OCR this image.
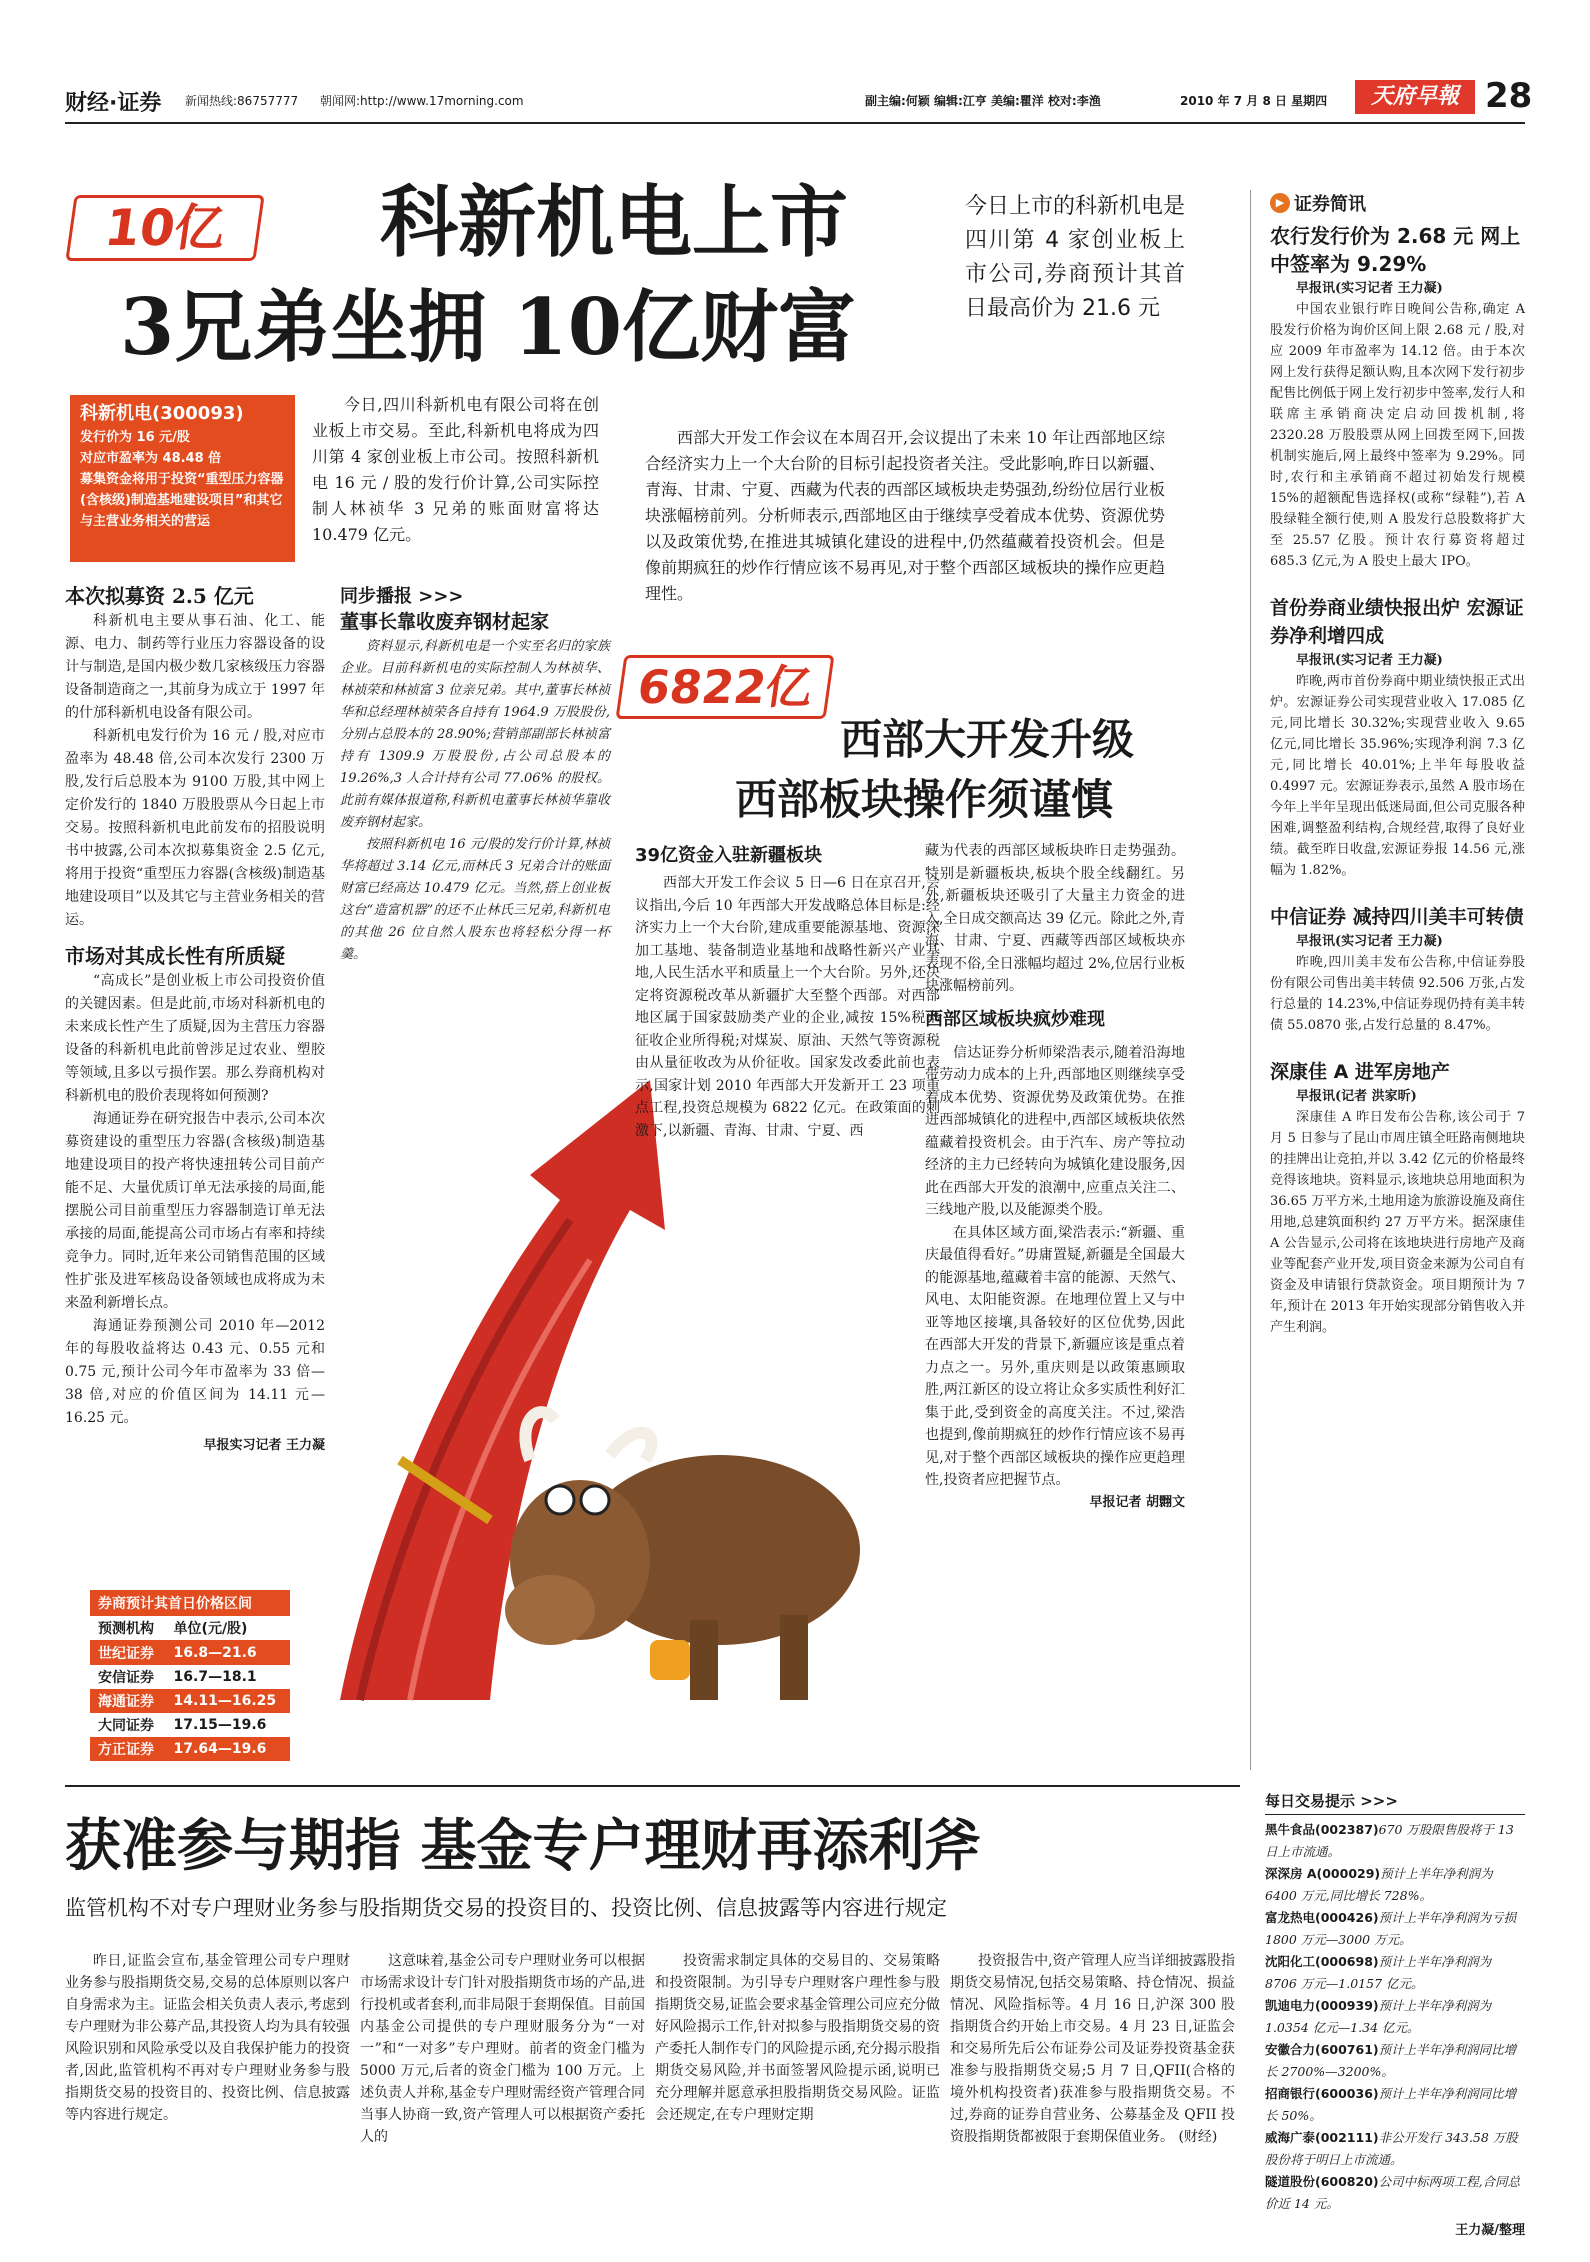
财经·证券 新闻热线:86757777 朝闻网:http://www.17morning.com	副主编:何颖 编辑:江亨 美编:瞿洋 校对:李渔	2010 年 7 月 8 日 星期四	天府早報 28
10亿	科新机电上市
3兄弟坐拥 10亿财富
今日上市的科新机电是四川第 4 家创业板上市公司,券商预计其首日最高价为 21.6 元
科新机电(300093)
发行价为 16 元/股
对应市盈率为 48.48 倍
募集资金将用于投资“重型压力容器(含核级)制造基地建设项目”和其它与主营业务相关的营运

今日,四川科新机电有限公司将在创业板上市交易。至此,科新机电将成为四川第 4 家创业板上市公司。按照科新机电 16 元 / 股的发行价计算,公司实际控制人林祯华 3 兄弟的账面财富将达 10.479 亿元。

本次拟募资 2.5 亿元

科新机电主要从事石油、化工、能源、电力、制药等行业压力容器设备的设计与制造,是国内极少数几家核级压力容器设备制造商之一,其前身为成立于 1997 年的什邡科新机电设备有限公司。

科新机电发行价为 16 元 / 股,对应市盈率为 48.48 倍,公司本次发行 2300 万股,发行后总股本为 9100 万股,其中网上定价发行的 1840 万股股票从今日起上市交易。按照科新机电此前发布的招股说明书中披露,公司本次拟募集资金 2.5 亿元,将用于投资“重型压力容器(含核级)制造基地建设项目”以及其它与主营业务相关的营运。

市场对其成长性有所质疑

“高成长”是创业板上市公司投资价值的关键因素。但是此前,市场对科新机电的未来成长性产生了质疑,因为主营压力容器设备的科新机电此前曾涉足过农业、塑胶等领域,且多以亏损作罢。那么券商机构对科新机电的股价表现将如何预测?

海通证券在研究报告中表示,公司本次募资建设的重型压力容器(含核级)制造基地建设项目的投产将快速扭转公司目前产能不足、大量优质订单无法承接的局面,能摆脱公司目前重型压力容器制造订单无法承接的局面,能提高公司市场占有率和持续竞争力。同时,近年来公司销售范围的区域性扩张及进军核岛设备领域也成将成为未来盈利新增长点。

海通证券预测公司 2010 年—2012 年的每股收益将达 0.43 元、0.55 元和 0.75 元,预计公司今年市盈率为 33 倍—38 倍,对应的价值区间为 14.11 元—16.25 元。

早报实习记者 王力凝
同步播报 >>>
董事长靠收废弃钢材起家

资料显示,科新机电是一个实至名归的家族企业。目前科新机电的实际控制人为林祯华、林祯荣和林祯富 3 位亲兄弟。其中,董事长林祯华和总经理林祯荣各自持有 1964.9 万股股份,分别占总股本的 28.90%;营销部副部长林祯富持有 1309.9 万股股份,占公司总股本的 19.26%,3 人合计持有公司 77.06% 的股权。此前有媒体报道称,科新机电董事长林祯华靠收废弃钢材起家。

按照科新机电 16 元/股的发行价计算,林祯华将超过 3.14 亿元,而林氏 3 兄弟合计的账面财富已经高达 10.479 亿元。当然,搭上创业板这台“造富机器”的还不止林氏三兄弟,科新机电的其他 26 位自然人股东也将轻松分得一杯羹。

券商预计其首日价格区间
预测机构	单位(元/股)
世纪证券	16.8—21.6
安信证券	16.7—18.1
海通证券	14.11—16.25
大同证券	17.15—19.6
方正证券	17.64—19.6

西部大开发工作会议在本周召开,会议提出了未来 10 年让西部地区综合经济实力上一个大台阶的目标引起投资者关注。受此影响,昨日以新疆、青海、甘肃、宁夏、西藏为代表的西部区域板块走势强劲,纷纷位居行业板块涨幅榜前列。分析师表示,西部地区由于继续享受着成本优势、资源优势以及政策优势,在推进其城镇化建设的进程中,仍然蕴藏着投资机会。但是像前期疯狂的炒作行情应该不易再见,对于整个西部区域板块的操作应更趋理性。

6822亿
西部大开发升级
西部板块操作须谨慎
39亿资金入驻新疆板块

西部大开发工作会议 5 日—6 日在京召开,会议指出,今后 10 年西部大开发战略总体目标是:经济实力上一个大台阶,建成重要能源基地、资源深加工基地、装备制造业基地和战略性新兴产业基地,人民生活水平和质量上一个大台阶。另外,还决定将资源税改革从新疆扩大至整个西部。对西部地区属于国家鼓励类产业的企业,减按 15%税率征收企业所得税;对煤炭、原油、天然气等资源税由从量征收改为从价征收。国家发改委此前也表示,国家计划 2010 年西部大开发新开工 23 项重点工程,投资总规模为 6822 亿元。在政策面的刺激下,以新疆、青海、甘肃、宁夏、西

藏为代表的西部区域板块昨日走势强劲。特别是新疆板块,板块个股全线翻红。另外,新疆板块还吸引了大量主力资金的进入,全日成交额高达 39 亿元。除此之外,青海、甘肃、宁夏、西藏等西部区域板块亦表现不俗,全日涨幅均超过 2%,位居行业板块涨幅榜前列。

西部区域板块疯炒难现

信达证券分析师梁浩表示,随着沿海地带劳动力成本的上升,西部地区则继续享受着成本优势、资源优势及政策优势。在推进西部城镇化的进程中,西部区域板块依然蕴藏着投资机会。由于汽车、房产等拉动经济的主力已经转向为城镇化建设服务,因此在西部大开发的浪潮中,应重点关注二、三线地产股,以及能源类个股。

在具体区域方面,梁浩表示:“新疆、重庆最值得看好。”毋庸置疑,新疆是全国最大的能源基地,蕴藏着丰富的能源、天然气、风电、太阳能资源。在地理位置上又与中亚等地区接壤,具备较好的区位优势,因此在西部大开发的背景下,新疆应该是重点着力点之一。另外,重庆则是以政策惠顾取胜,两江新区的设立将让众多实质性利好汇集于此,受到资金的高度关注。不过,梁浩也提到,像前期疯狂的炒作行情应该不易再见,对于整个西部区域板块的操作应更趋理性,投资者应把握节点。

早报记者 胡翾文
▶ 证券简讯
农行发行价为 2.68 元 网上中签率为 9.29%

早报讯(实习记者 王力凝)

中国农业银行昨日晚间公告称,确定 A 股发行价格为询价区间上限 2.68 元 / 股,对应 2009 年市盈率为 14.12 倍。由于本次网上发行获得足额认购,且本次网下发行初步配售比例低于网上发行初步中签率,发行人和联席主承销商决定启动回拨机制,将 2320.28 万股股票从网上回拨至网下,回拨机制实施后,网上最终中签率为 9.29%。同时,农行和主承销商不超过初始发行规模 15%的超额配售选择权(或称“绿鞋”),若 A 股绿鞋全额行使,则 A 股发行总股数将扩大至 25.57 亿股。预计农行募资将超过 685.3 亿元,为 A 股史上最大 IPO。

首份券商业绩快报出炉 宏源证券净利增四成

早报讯(实习记者 王力凝)

昨晚,两市首份券商中期业绩快报正式出炉。宏源证券公司实现营业收入 17.085 亿元,同比增长 30.32%;实现营业收入 9.65 亿元,同比增长 35.96%;实现净利润 7.3 亿元,同比增长 40.01%;上半年每股收益 0.4997 元。宏源证券表示,虽然 A 股市场在今年上半年呈现出低迷局面,但公司克服各种困难,调整盈利结构,合规经营,取得了良好业绩。截至昨日收盘,宏源证券报 14.56 元,涨幅为 1.82%。

中信证券 减持四川美丰可转债

早报讯(实习记者 王力凝)

昨晚,四川美丰发布公告称,中信证券股份有限公司售出美丰转债 92.506 万张,占发行总量的 14.23%,中信证券现仍持有美丰转债 55.0870 张,占发行总量的 8.47%。

深康佳 A 进军房地产

早报讯(记者 洪家昕)

深康佳 A 昨日发布公告称,该公司于 7 月 5 日参与了昆山市周庄镇全旺路南侧地块的挂牌出让竞拍,并以 3.42 亿元的价格最终竞得该地块。资料显示,该地块总用地面积为 36.65 万平方米,土地用途为旅游设施及商住用地,总建筑面积约 27 万平方米。据深康佳 A 公告显示,公司将在该地块进行房地产及商业等配套产业开发,项目资金来源为公司自有资金及申请银行贷款资金。项目期预计为 7 年,预计在 2013 年开始实现部分销售收入并产生利润。

获准参与期指 基金专户理财再添利斧
监管机构不对专户理财业务参与股指期货交易的投资目的、投资比例、信息披露等内容进行规定

昨日,证监会宣布,基金管理公司专户理财业务参与股指期货交易,交易的总体原则以客户自身需求为主。证监会相关负责人表示,考虑到专户理财为非公募产品,其投资人均为具有较强风险识别和风险承受以及自我保护能力的投资者,因此,监管机构不再对专户理财业务参与股指期货交易的投资目的、投资比例、信息披露等内容进行规定。

这意味着,基金公司专户理财业务可以根据市场需求设计专门针对股指期货市场的产品,进行投机或者套利,而非局限于套期保值。目前国内基金公司提供的专户理财服务分为“一对一”和“一对多”专户理财。前者的资金门槛为 5000 万元,后者的资金门槛为 100 万元。上述负责人并称,基金专户理财需经资产管理合同当事人协商一致,资产管理人可以根据资产委托人的

投资需求制定具体的交易目的、交易策略和投资限制。为引导专户理财客户理性参与股指期货交易,证监会要求基金管理公司应充分做好风险揭示工作,针对拟参与股指期货交易的资产委托人制作专门的风险提示函,充分揭示股指期货交易风险,并书面签署风险提示函,说明已充分理解并愿意承担股指期货交易风险。证监会还规定,在专户理财定期

投资报告中,资产管理人应当详细披露股指期货交易情况,包括交易策略、持仓情况、损益情况、风险指标等。4 月 16 日,沪深 300 股指期货合约开始上市交易。4 月 23 日,证监会和交易所先后公布证券公司及证券投资基金获准参与股指期货交易;5 月 7 日,QFII(合格的境外机构投资者)获准参与股指期货交易。不过,券商的证券自营业务、公募基金及 QFII 投资股指期货都被限于套期保值业务。 (财经)

每日交易提示 >>>
黑牛食品(002387)670 万股限售股将于 13 日上市流通。
深深房 A(000029)预计上半年净利润为 6400 万元,同比增长 728%。
富龙热电(000426)预计上半年净利润为亏损 1800 万元—3000 万元。
沈阳化工(000698)预计上半年净利润为 8706 万元—1.0157 亿元。
凯迪电力(000939)预计上半年净利润为 1.0354 亿元—1.34 亿元。
安徽合力(600761)预计上半年净利润同比增长 2700%—3200%。
招商银行(600036)预计上半年净利润同比增长 50%。
威海广泰(002111)非公开发行 343.58 万股股份将于明日上市流通。
隧道股份(600820)公司中标两项工程,合同总价近 14 元。
王力凝/整理
